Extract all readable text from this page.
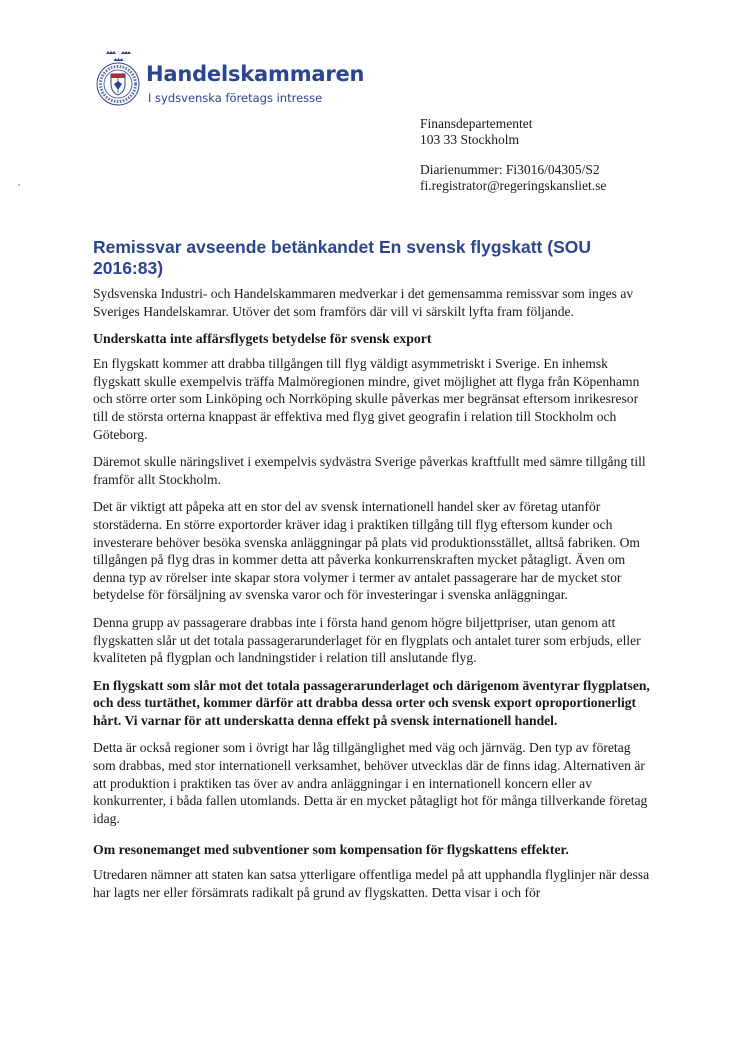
Handelskammaren
I sydsvenska företags intresse
Finansdepartementet
103 33 Stockholm
Diarienummer: Fi3016/04305/S2
fi.registrator@regeringskansliet.se
Remissvar avseende betänkandet En svensk flygskatt (SOU 2016:83)

Sydsvenska Industri- och Handelskammaren medverkar i det gemensamma remissvar som inges av Sveriges Handelskamrar. Utöver det som framförs där vill vi särskilt lyfta fram följande.

Underskatta inte affärsflygets betydelse för svensk export

En flygskatt kommer att drabba tillgången till flyg väldigt asymmetriskt i Sverige. En inhemsk flygskatt skulle exempelvis träffa Malmöregionen mindre, givet möjlighet att flyga från Köpenhamn och större orter som Linköping och Norrköping skulle påverkas mer begränsat eftersom inrikesresor till de största orterna knappast är effektiva med flyg givet geografin i relation till Stockholm och Göteborg.

Däremot skulle näringslivet i exempelvis sydvästra Sverige påverkas kraftfullt med sämre tillgång till framför allt Stockholm.

Det är viktigt att påpeka att en stor del av svensk internationell handel sker av företag utanför storstäderna. En större exportorder kräver idag i praktiken tillgång till flyg eftersom kunder och investerare behöver besöka svenska anläggningar på plats vid produktionsstället, alltså fabriken. Om tillgången på flyg dras in kommer detta att påverka konkurrenskraften mycket påtagligt. Även om denna typ av rörelser inte skapar stora volymer i termer av antalet passagerare har de mycket stor betydelse för försäljning av svenska varor och för investeringar i svenska anläggningar.

Denna grupp av passagerare drabbas inte i första hand genom högre biljettpriser, utan genom att flygskatten slår ut det totala passagerarunderlaget för en flygplats och antalet turer som erbjuds, eller kvaliteten på flygplan och landningstider i relation till anslutande flyg.

En flygskatt som slår mot det totala passagerarunderlaget och därigenom äventyrar flygplatsen, och dess turtäthet, kommer därför att drabba dessa orter och svensk export oproportionerligt hårt. Vi varnar för att underskatta denna effekt på svensk internationell handel.

Detta är också regioner som i övrigt har låg tillgänglighet med väg och järnväg. Den typ av företag som drabbas, med stor internationell verksamhet, behöver utvecklas där de finns idag. Alternativen är att produktion i praktiken tas över av andra anläggningar i en internationell koncern eller av konkurrenter, i båda fallen utomlands. Detta är en mycket påtagligt hot för många tillverkande företag idag.

Om resonemanget med subventioner som kompensation för flygskattens effekter.

Utredaren nämner att staten kan satsa ytterligare offentliga medel på att upphandla flyglinjer när dessa har lagts ner eller försämrats radikalt på grund av flygskatten. Detta visar i och för
